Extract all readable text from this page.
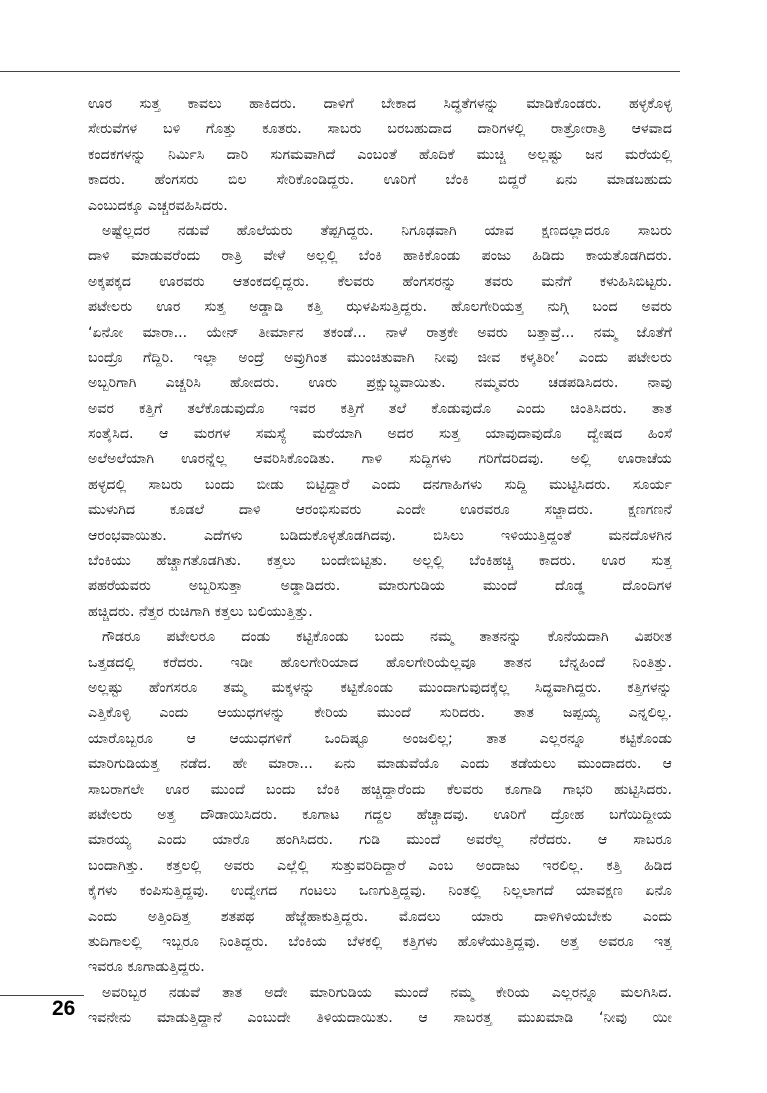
ಊರ ಸುತ್ತ ಕಾವಲು ಹಾಕಿದರು. ದಾಳಿಗೆ ಬೇಕಾದ ಸಿದ್ಧತೆಗಳನ್ನು ಮಾಡಿಕೊಂಡರು. ಹಳ್ಳಕೊಳ್ಳ
ಸೇರುವೆಗಳ ಬಳಿ ಗೊತ್ತು ಕೂತರು. ಸಾಬರು ಬರಬಹುದಾದ ದಾರಿಗಳಲ್ಲಿ ರಾತ್ರೋರಾತ್ರಿ ಆಳವಾದ
ಕಂದಕಗಳನ್ನು ನಿರ್ಮಿಸಿ ದಾರಿ ಸುಗಮವಾಗಿದೆ ಎಂಬಂತೆ ಹೊದಿಕೆ ಮುಚ್ಚಿ ಅಲ್ಲಷ್ಟು ಜನ ಮರೆಯಲ್ಲಿ
ಕಾದರು. ಹೆಂಗಸರು ಬಿಲ ಸೇರಿಕೊಂಡಿದ್ದರು. ಊರಿಗೆ ಬೆಂಕಿ ಬಿದ್ದರೆ ಏನು ಮಾಡಬಹುದು
ಎಂಬುದಕ್ಕೂ ಎಚ್ಚರವಹಿಸಿದರು.
ಅಷ್ಟೆಲ್ಲದರ ನಡುವೆ ಹೊಲೆಯರು ತೆಪ್ಪಗಿದ್ದರು. ನಿಗೂಢವಾಗಿ ಯಾವ ಕ್ಷಣದಲ್ಲಾದರೂ ಸಾಬರು
ದಾಳಿ ಮಾಡುವರೆಂದು ರಾತ್ರಿ ವೇಳೆ ಅಲ್ಲಲ್ಲಿ ಬೆಂಕಿ ಹಾಕಿಕೊಂಡು ಪಂಜು ಹಿಡಿದು ಕಾಯತೊಡಗಿದರು.
ಅಕ್ಕಪಕ್ಕದ ಊರವರು ಆತಂಕದಲ್ಲಿದ್ದರು. ಕೆಲವರು ಹೆಂಗಸರನ್ನು ತವರು ಮನೆಗೆ ಕಳುಹಿಸಿಬಿಟ್ಟರು.
ಪಟೇಲರು ಊರ ಸುತ್ತ ಅಡ್ಡಾಡಿ ಕತ್ತಿ ಝಳಪಿಸುತ್ತಿದ್ದರು. ಹೊಲಗೇರಿಯತ್ತ ನುಗ್ಗಿ ಬಂದ ಅವರು
‘ಏನೋ ಮಾರಾ... ಯೇನ್ ತೀರ್ಮಾನ ತಕಂಡೆ... ನಾಳೆ ರಾತ್ರಕೇ ಅವರು ಬತ್ತಾವ್ರೆ... ನಮ್ಮ ಜೊತೆಗೆ
ಬಂದ್ರೊ ಗೆದ್ದಿರಿ. ಇಲ್ಲಾ ಅಂದ್ರೆ ಅವ್ರುಗಿಂತ ಮುಂಚಿತುವಾಗಿ ನೀವು ಜೀವ ಕಳ್ಕತಿರೀ’ ಎಂದು ಪಟೇಲರು
ಅಬ್ಬರಿಗಾಗಿ ಎಚ್ಚರಿಸಿ ಹೋದರು. ಊರು ಪ್ರಕ್ಷುಬ್ಧವಾಯಿತು. ನಮ್ಮವರು ಚಡಪಡಿಸಿದರು. ನಾವು
ಅವರ ಕತ್ತಿಗೆ ತಲೆಕೊಡುವುದೊ ಇವರ ಕತ್ತಿಗೆ ತಲೆ ಕೊಡುವುದೊ ಎಂದು ಚಿಂತಿಸಿದರು. ತಾತ
ಸಂತೈಸಿದ. ಆ ಮರಗಳ ಸಮಸ್ಯೆ ಮರೆಯಾಗಿ ಅದರ ಸುತ್ತ ಯಾವುದಾವುದೊ ದ್ವೇಷದ ಹಿಂಸೆ
ಅಲೆಅಲೆಯಾಗಿ ಊರನ್ನೆಲ್ಲ ಆವರಿಸಿಕೊಂಡಿತು. ಗಾಳಿ ಸುದ್ದಿಗಳು ಗರಿಗೆದರಿದವು. ಅಲ್ಲಿ ಊರಾಚೆಯ
ಹಳ್ಳದಲ್ಲಿ ಸಾಬರು ಬಂದು ಬೀಡು ಬಿಟ್ಟಿದ್ದಾರೆ ಎಂದು ದನಗಾಹಿಗಳು ಸುದ್ದಿ ಮುಟ್ಟಿಸಿದರು. ಸೂರ್ಯ
ಮುಳುಗಿದ ಕೂಡಲೆ ದಾಳಿ ಆರಂಭಿಸುವರು ಎಂದೇ ಊರವರೂ ಸಜ್ಜಾದರು. ಕ್ಷಣಗಣನೆ
ಆರಂಭವಾಯಿತು. ಎದೆಗಳು ಬಡಿದುಕೊಳ್ಳತೊಡಗಿದವು. ಬಿಸಿಲು ಇಳಿಯುತ್ತಿದ್ದಂತೆ ಮನದೊಳಗಿನ
ಬೆಂಕಿಯು ಹೆಚ್ಚಾಗತೊಡಗಿತು. ಕತ್ತಲು ಬಂದೇಬಿಟ್ಟಿತು. ಅಲ್ಲಲ್ಲಿ ಬೆಂಕಿಹಚ್ಚಿ ಕಾದರು. ಊರ ಸುತ್ತ
ಪಹರೆಯವರು ಅಬ್ಬರಿಸುತ್ತಾ ಅಡ್ಡಾಡಿದರು. ಮಾರುಗುಡಿಯ ಮುಂದೆ ದೊಡ್ಡ ದೊಂದಿಗಳ
ಹಚ್ಚಿದರು. ನೆತ್ತರ ರುಚಿಗಾಗಿ ಕತ್ತಲು ಬಲಿಯುತ್ತಿತ್ತು.
ಗೌಡರೂ ಪಟೇಲರೂ ದಂಡು ಕಟ್ಟಿಕೊಂಡು ಬಂದು ನಮ್ಮ ತಾತನನ್ನು ಕೊನೆಯದಾಗಿ ವಿಪರೀತ
ಒತ್ತಡದಲ್ಲಿ ಕರೆದರು. ಇಡೀ ಹೊಲಗೇರಿಯಾದ ಹೊಲಗೇರಿಯೆಲ್ಲವೂ ತಾತನ ಬೆನ್ನಹಿಂದೆ ನಿಂತಿತ್ತು.
ಅಲ್ಲಷ್ಟು ಹೆಂಗಸರೂ ತಮ್ಮ ಮಕ್ಕಳನ್ನು ಕಟ್ಟಿಕೊಂಡು ಮುಂದಾಗುವುದಕ್ಕೆಲ್ಲ ಸಿದ್ಧವಾಗಿದ್ದರು. ಕತ್ತಿಗಳನ್ನು
ಎತ್ತಿಕೊಳ್ಳಿ ಎಂದು ಆಯುಧಗಳನ್ನು ಕೇರಿಯ ಮುಂದೆ ಸುರಿದರು. ತಾತ ಜಪ್ಪಯ್ಯ ಎನ್ನಲಿಲ್ಲ.
ಯಾರೊಬ್ಬರೂ ಆ ಆಯುಧಗಳಿಗೆ ಒಂದಿಷ್ಟೂ ಅಂಜಲಿಲ್ಲ; ತಾತ ಎಲ್ಲರನ್ನೂ ಕಟ್ಟಿಕೊಂಡು
ಮಾರಿಗುಡಿಯತ್ತ ನಡೆದ. ಹೇ ಮಾರಾ... ಏನು ಮಾಡುವೆಯೊ ಎಂದು ತಡೆಯಲು ಮುಂದಾದರು. ಆ
ಸಾಬರಾಗಲೇ ಊರ ಮುಂದೆ ಬಂದು ಬೆಂಕಿ ಹಚ್ಚಿದ್ದಾರೆಂದು ಕೆಲವರು ಕೂಗಾಡಿ ಗಾಭರಿ ಹುಟ್ಟಿಸಿದರು.
ಪಟೇಲರು ಅತ್ತ ದೌಡಾಯಿಸಿದರು. ಕೂಗಾಟ ಗದ್ದಲ ಹೆಚ್ಚಾದವು. ಊರಿಗೆ ದ್ರೋಹ ಬಗೆಯಿದ್ದೀಯ
ಮಾರಯ್ಯ ಎಂದು ಯಾರೊ ಹಂಗಿಸಿದರು. ಗುಡಿ ಮುಂದೆ ಅವರೆಲ್ಲ ನೆರೆದರು. ಆ ಸಾಬರೂ
ಬಂದಾಗಿತ್ತು. ಕತ್ತಲಲ್ಲಿ ಅವರು ಎಲ್ಲೆಲ್ಲಿ ಸುತ್ತುವರಿದಿದ್ದಾರೆ ಎಂಬ ಅಂದಾಜು ಇರಲಿಲ್ಲ. ಕತ್ತಿ ಹಿಡಿದ
ಕೈಗಳು ಕಂಪಿಸುತ್ತಿದ್ದವು. ಉದ್ವೇಗದ ಗಂಟಲು ಒಣಗುತ್ತಿದ್ದವು. ನಿಂತಲ್ಲಿ ನಿಲ್ಲಲಾಗದೆ ಯಾವಕ್ಷಣ ಏನೊ
ಎಂದು ಅತ್ತಿಂದಿತ್ತ ಶತಪಥ ಹೆಜ್ಜೆಹಾಕುತ್ತಿದ್ದರು. ಮೊದಲು ಯಾರು ದಾಳಿಗಿಳಿಯಬೇಕು ಎಂದು
ತುದಿಗಾಲಲ್ಲಿ ಇಬ್ಬರೂ ನಿಂತಿದ್ದರು. ಬೆಂಕಿಯ ಬೆಳಕಲ್ಲಿ ಕತ್ತಿಗಳು ಹೊಳೆಯುತ್ತಿದ್ದವು. ಅತ್ತ ಅವರೂ ಇತ್ತ
ಇವರೂ ಕೂಗಾಡುತ್ತಿದ್ದರು.
ಅವರಿಬ್ಬರ ನಡುವೆ ತಾತ ಅದೇ ಮಾರಿಗುಡಿಯ ಮುಂದೆ ನಮ್ಮ ಕೇರಿಯ ಎಲ್ಲರನ್ನೂ ಮಲಗಿಸಿದ.
ಇವನೇನು ಮಾಡುತ್ತಿದ್ದಾನೆ ಎಂಬುದೇ ತಿಳಿಯದಾಯಿತು. ಆ ಸಾಬರತ್ತ ಮುಖಮಾಡಿ ‘ನೀವು ಯೀ
26
